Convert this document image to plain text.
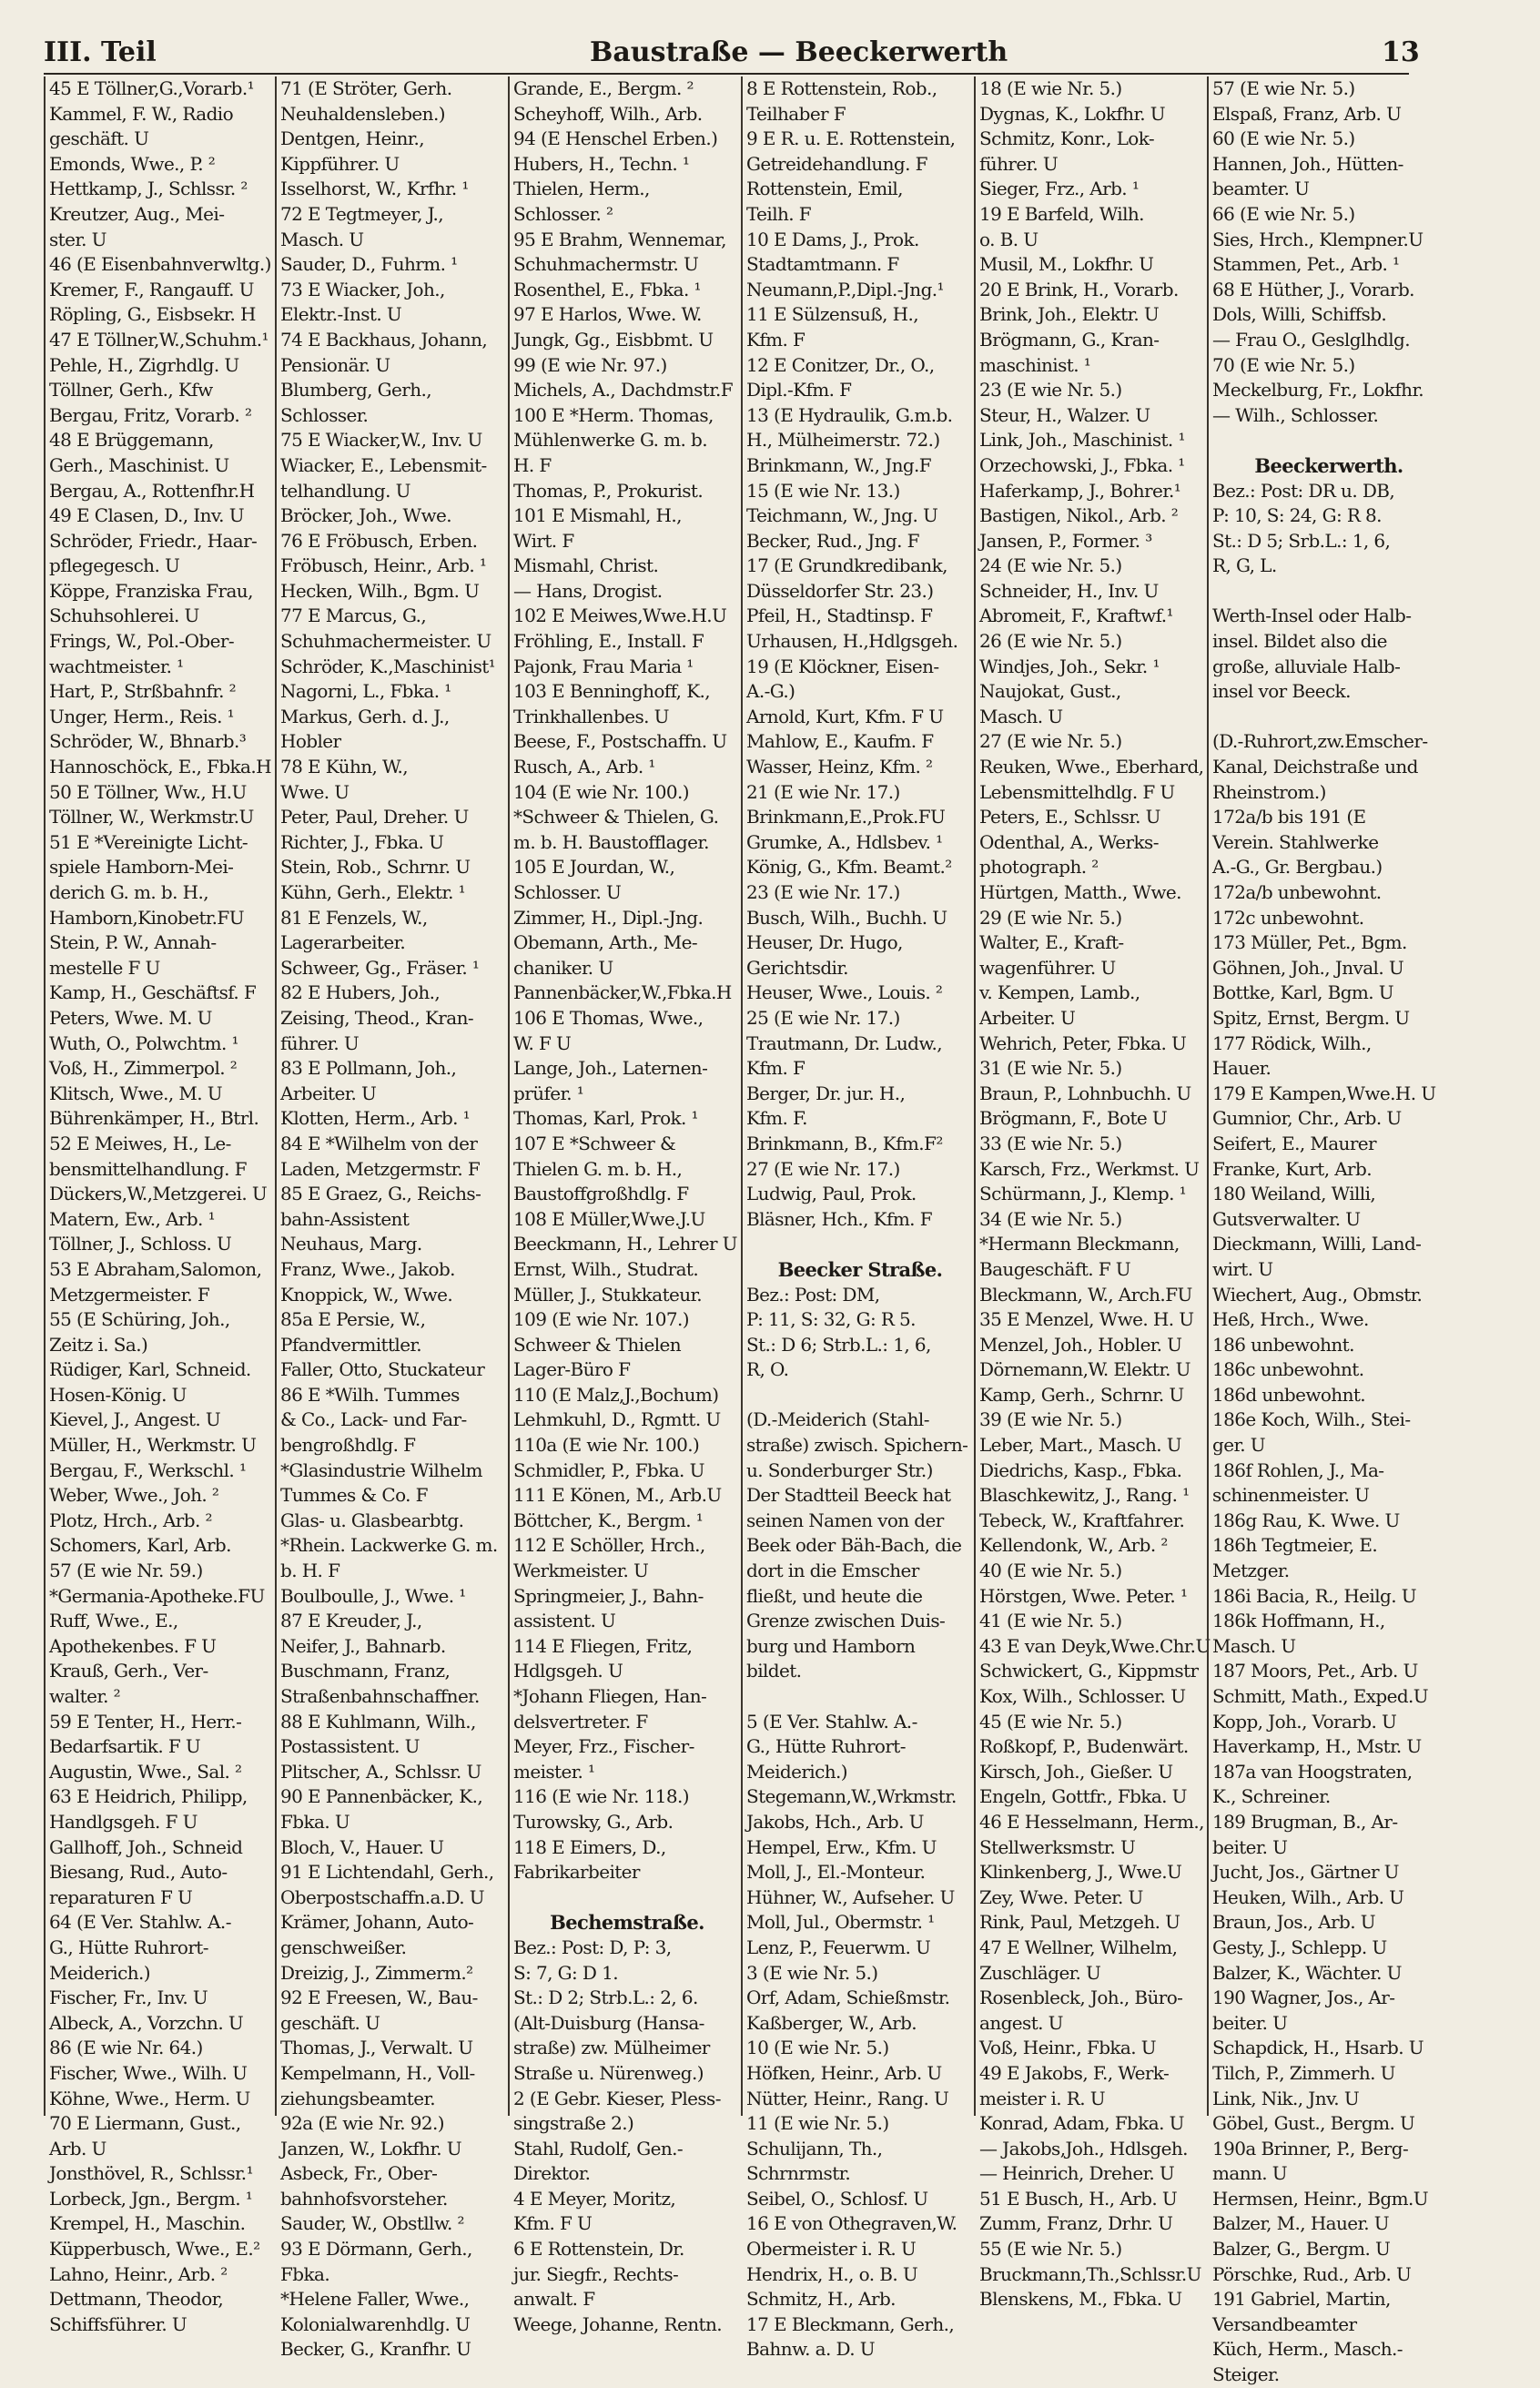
III. Teil	Baustraße — Beeckerwerth	13
45 E Töllner,G.,Vorarb.¹
Kammel, F. W., Radio
geschäft. U
Emonds, Wwe., P. ²
Hettkamp, J., Schlssr. ²
Kreutzer, Aug., Mei-
ster. U
46 (E Eisenbahnverwltg.)
Kremer, F., Rangauff. U
Röpling, G., Eisbsekr. H
47 E Töllner,W.,Schuhm.¹
Pehle, H., Zigrhdlg. U
Töllner, Gerh., Kfw
Bergau, Fritz, Vorarb. ²
48 E Brüggemann,
Gerh., Maschinist. U
Bergau, A., Rottenfhr.H
49 E Clasen, D., Inv. U
Schröder, Friedr., Haar-
pflegegesch. U
Köppe, Franziska Frau,
Schuhsohlerei. U
Frings, W., Pol.-Ober-
wachtmeister. ¹
Hart, P., Strßbahnfr. ²
Unger, Herm., Reis. ¹
Schröder, W., Bhnarb.³
Hannoschöck, E., Fbka.H
50 E Töllner, Ww., H.U
Töllner, W., Werkmstr.U
51 E *Vereinigte Licht-
spiele Hamborn-Mei-
derich G. m. b. H.,
Hamborn,Kinobetr.FU
Stein, P. W., Annah-
mestelle F U
Kamp, H., Geschäftsf. F
Peters, Wwe. M. U
Wuth, O., Polwchtm. ¹
Voß, H., Zimmerpol. ²
Klitsch, Wwe., M. U
Bührenkämper, H., Btrl.
52 E Meiwes, H., Le-
bensmittelhandlung. F
Dückers,W.,Metzgerei. U
Matern, Ew., Arb. ¹
Töllner, J., Schloss. U
53 E Abraham,Salomon,
Metzgermeister. F
55 (E Schüring, Joh.,
Zeitz i. Sa.)
Rüdiger, Karl, Schneid.
Hosen-König. U
Kievel, J., Angest. U
Müller, H., Werkmstr. U
Bergau, F., Werkschl. ¹
Weber, Wwe., Joh. ²
Plotz, Hrch., Arb. ²
Schomers, Karl, Arb.
57 (E wie Nr. 59.)
*Germania-Apotheke.FU
Ruff, Wwe., E.,
Apothekenbes. F U
Krauß, Gerh., Ver-
walter. ²
59 E Tenter, H., Herr.-
Bedarfsartik. F U
Augustin, Wwe., Sal. ²
63 E Heidrich, Philipp,
Handlgsgeh. F U
Gallhoff, Joh., Schneid
Biesang, Rud., Auto-
reparaturen F U
64 (E Ver. Stahlw. A.-
G., Hütte Ruhrort-
Meiderich.)
Fischer, Fr., Inv. U
Albeck, A., Vorzchn. U
86 (E wie Nr. 64.)
Fischer, Wwe., Wilh. U
Köhne, Wwe., Herm. U
70 E Liermann, Gust.,
Arb. U
Jonsthövel, R., Schlssr.¹
Lorbeck, Jgn., Bergm. ¹
Krempel, H., Maschin.
Küpperbusch, Wwe., E.²
Lahno, Heinr., Arb. ²
Dettmann, Theodor,
Schiffsführer. U
71 (E Ströter, Gerh.
Neuhaldensleben.)
Dentgen, Heinr.,
Kippführer. U
Isselhorst, W., Krfhr. ¹
72 E Tegtmeyer, J.,
Masch. U
Sauder, D., Fuhrm. ¹
73 E Wiacker, Joh.,
Elektr.-Inst. U
74 E Backhaus, Johann,
Pensionär. U
Blumberg, Gerh.,
Schlosser.
75 E Wiacker,W., Inv. U
Wiacker, E., Lebensmit-
telhandlung. U
Bröcker, Joh., Wwe.
76 E Fröbusch, Erben.
Fröbusch, Heinr., Arb. ¹
Hecken, Wilh., Bgm. U
77 E Marcus, G.,
Schuhmachermeister. U
Schröder, K.,Maschinist¹
Nagorni, L., Fbka. ¹
Markus, Gerh. d. J.,
Hobler
78 E Kühn, W.,
Wwe. U
Peter, Paul, Dreher. U
Richter, J., Fbka. U
Stein, Rob., Schrnr. U
Kühn, Gerh., Elektr. ¹
81 E Fenzels, W.,
Lagerarbeiter.
Schweer, Gg., Fräser. ¹
82 E Hubers, Joh.,
Zeising, Theod., Kran-
führer. U
83 E Pollmann, Joh.,
Arbeiter. U
Klotten, Herm., Arb. ¹
84 E *Wilhelm von der
Laden, Metzgermstr. F
85 E Graez, G., Reichs-
bahn-Assistent
Neuhaus, Marg.
Franz, Wwe., Jakob.
Knoppick, W., Wwe.
85a E Persie, W.,
Pfandvermittler.
Faller, Otto, Stuckateur
86 E *Wilh. Tummes
& Co., Lack- und Far-
bengroßhdlg. F
*Glasindustrie Wilhelm
Tummes & Co. F
Glas- u. Glasbearbtg.
*Rhein. Lackwerke G. m.
b. H. F
Boulboulle, J., Wwe. ¹
87 E Kreuder, J.,
Neifer, J., Bahnarb.
Buschmann, Franz,
Straßenbahnschaffner.
88 E Kuhlmann, Wilh.,
Postassistent. U
Plitscher, A., Schlssr. U
90 E Pannenbäcker, K.,
Fbka. U
Bloch, V., Hauer. U
91 E Lichtendahl, Gerh.,
Oberpostschaffn.a.D. U
Krämer, Johann, Auto-
genschweißer.
Dreizig, J., Zimmerm.²
92 E Freesen, W., Bau-
geschäft. U
Thomas, J., Verwalt. U
Kempelmann, H., Voll-
ziehungsbeamter.
92a (E wie Nr. 92.)
Janzen, W., Lokfhr. U
Asbeck, Fr., Ober-
bahnhofsvorsteher.
Sauder, W., Obstllw. ²
93 E Dörmann, Gerh.,
Fbka.
*Helene Faller, Wwe.,
Kolonialwarenhdlg. U
Becker, G., Kranfhr. U
Grande, E., Bergm. ²
Scheyhoff, Wilh., Arb.
94 (E Henschel Erben.)
Hubers, H., Techn. ¹
Thielen, Herm.,
Schlosser. ²
95 E Brahm, Wennemar,
Schuhmachermstr. U
Rosenthel, E., Fbka. ¹
97 E Harlos, Wwe. W.
Jungk, Gg., Eisbbmt. U
99 (E wie Nr. 97.)
Michels, A., Dachdmstr.F
100 E *Herm. Thomas,
Mühlenwerke G. m. b.
H. F
Thomas, P., Prokurist.
101 E Mismahl, H.,
Wirt. F
Mismahl, Christ.
— Hans, Drogist.
102 E Meiwes,Wwe.H.U
Fröhling, E., Install. F
Pajonk, Frau Maria ¹
103 E Benninghoff, K.,
Trinkhallenbes. U
Beese, F., Postschaffn. U
Rusch, A., Arb. ¹
104 (E wie Nr. 100.)
*Schweer & Thielen, G.
m. b. H. Baustofflager.
105 E Jourdan, W.,
Schlosser. U
Zimmer, H., Dipl.-Jng.
Obemann, Arth., Me-
chaniker. U
Pannenbäcker,W.,Fbka.H
106 E Thomas, Wwe.,
W. F U
Lange, Joh., Laternen-
prüfer. ¹
Thomas, Karl, Prok. ¹
107 E *Schweer &
Thielen G. m. b. H.,
Baustoffgroßhdlg. F
108 E Müller,Wwe.J.U
Beeckmann, H., Lehrer U
Ernst, Wilh., Studrat.
Müller, J., Stukkateur.
109 (E wie Nr. 107.)
Schweer & Thielen
Lager-Büro F
110 (E Malz,J.,Bochum)
Lehmkuhl, D., Rgmtt. U
110a (E wie Nr. 100.)
Schmidler, P., Fbka. U
111 E Könen, M., Arb.U
Böttcher, K., Bergm. ¹
112 E Schöller, Hrch.,
Werkmeister. U
Springmeier, J., Bahn-
assistent. U
114 E Fliegen, Fritz,
Hdlgsgeh. U
*Johann Fliegen, Han-
delsvertreter. F
Meyer, Frz., Fischer-
meister. ¹
116 (E wie Nr. 118.)
Turowsky, G., Arb.
118 E Eimers, D.,
Fabrikarbeiter
Bechemstraße.
Bez.: Post: D, P: 3,
S: 7, G: D 1.
St.: D 2; Strb.L.: 2, 6.
(Alt-Duisburg (Hansa-
straße) zw. Mülheimer
Straße u. Nürenweg.)
2 (E Gebr. Kieser, Pless-
singstraße 2.)
Stahl, Rudolf, Gen.-
Direktor.
4 E Meyer, Moritz,
Kfm. F U
6 E Rottenstein, Dr.
jur. Siegfr., Rechts-
anwalt. F
Weege, Johanne, Rentn.
8 E Rottenstein, Rob.,
Teilhaber F
9 E R. u. E. Rottenstein,
Getreidehandlung. F
Rottenstein, Emil,
Teilh. F
10 E Dams, J., Prok.
Stadtamtmann. F
Neumann,P.,Dipl.-Jng.¹
11 E Sülzensuß, H.,
Kfm. F
12 E Conitzer, Dr., O.,
Dipl.-Kfm. F
13 (E Hydraulik, G.m.b.
H., Mülheimerstr. 72.)
Brinkmann, W., Jng.F
15 (E wie Nr. 13.)
Teichmann, W., Jng. U
Becker, Rud., Jng. F
17 (E Grundkredibank,
Düsseldorfer Str. 23.)
Pfeil, H., Stadtinsp. F
Urhausen, H.,Hdlgsgeh.
19 (E Klöckner, Eisen-
A.-G.)
Arnold, Kurt, Kfm. F U
Mahlow, E., Kaufm. F
Wasser, Heinz, Kfm. ²
21 (E wie Nr. 17.)
Brinkmann,E.,Prok.FU
Grumke, A., Hdlsbev. ¹
König, G., Kfm. Beamt.²
23 (E wie Nr. 17.)
Busch, Wilh., Buchh. U
Heuser, Dr. Hugo,
Gerichtsdir.
Heuser, Wwe., Louis. ²
25 (E wie Nr. 17.)
Trautmann, Dr. Ludw.,
Kfm. F
Berger, Dr. jur. H.,
Kfm. F.
Brinkmann, B., Kfm.F²
27 (E wie Nr. 17.)
Ludwig, Paul, Prok.
Bläsner, Hch., Kfm. F
Beecker Straße.
Bez.: Post: DM,
P: 11, S: 32, G: R 5.
St.: D 6; Strb.L.: 1, 6,
R, O.
(D.-Meiderich (Stahl-
straße) zwisch. Spichern-
u. Sonderburger Str.)
Der Stadtteil Beeck hat
seinen Namen von der
Beek oder Bäh-Bach, die
dort in die Emscher
fließt, und heute die
Grenze zwischen Duis-
burg und Hamborn
bildet.
5 (E Ver. Stahlw. A.-
G., Hütte Ruhrort-
Meiderich.)
Stegemann,W.,Wrkmstr.
Jakobs, Hch., Arb. U
Hempel, Erw., Kfm. U
Moll, J., El.-Monteur.
Hühner, W., Aufseher. U
Moll, Jul., Obermstr. ¹
Lenz, P., Feuerwm. U
3 (E wie Nr. 5.)
Orf, Adam, Schießmstr.
Kaßberger, W., Arb.
10 (E wie Nr. 5.)
Höfken, Heinr., Arb. U
Nütter, Heinr., Rang. U
11 (E wie Nr. 5.)
Schulijann, Th.,
Schrnrmstr.
Seibel, O., Schlosf. U
16 E von Othegraven,W.
Obermeister i. R. U
Hendrix, H., o. B. U
Schmitz, H., Arb.
17 E Bleckmann, Gerh.,
Bahnw. a. D. U
18 (E wie Nr. 5.)
Dygnas, K., Lokfhr. U
Schmitz, Konr., Lok-
führer. U
Sieger, Frz., Arb. ¹
19 E Barfeld, Wilh.
o. B. U
Musil, M., Lokfhr. U
20 E Brink, H., Vorarb.
Brink, Joh., Elektr. U
Brögmann, G., Kran-
maschinist. ¹
23 (E wie Nr. 5.)
Steur, H., Walzer. U
Link, Joh., Maschinist. ¹
Orzechowski, J., Fbka. ¹
Haferkamp, J., Bohrer.¹
Bastigen, Nikol., Arb. ²
Jansen, P., Former. ³
24 (E wie Nr. 5.)
Schneider, H., Inv. U
Abromeit, F., Kraftwf.¹
26 (E wie Nr. 5.)
Windjes, Joh., Sekr. ¹
Naujokat, Gust.,
Masch. U
27 (E wie Nr. 5.)
Reuken, Wwe., Eberhard,
Lebensmittelhdlg. F U
Peters, E., Schlssr. U
Odenthal, A., Werks-
photograph. ²
Hürtgen, Matth., Wwe.
29 (E wie Nr. 5.)
Walter, E., Kraft-
wagenführer. U
v. Kempen, Lamb.,
Arbeiter. U
Wehrich, Peter, Fbka. U
31 (E wie Nr. 5.)
Braun, P., Lohnbuchh. U
Brögmann, F., Bote U
33 (E wie Nr. 5.)
Karsch, Frz., Werkmst. U
Schürmann, J., Klemp. ¹
34 (E wie Nr. 5.)
*Hermann Bleckmann,
Baugeschäft. F U
Bleckmann, W., Arch.FU
35 E Menzel, Wwe. H. U
Menzel, Joh., Hobler. U
Dörnemann,W. Elektr. U
Kamp, Gerh., Schrnr. U
39 (E wie Nr. 5.)
Leber, Mart., Masch. U
Diedrichs, Kasp., Fbka.
Blaschkewitz, J., Rang. ¹
Tebeck, W., Kraftfahrer.
Kellendonk, W., Arb. ²
40 (E wie Nr. 5.)
Hörstgen, Wwe. Peter. ¹
41 (E wie Nr. 5.)
43 E van Deyk,Wwe.Chr.U
Schwickert, G., Kippmstr
Kox, Wilh., Schlosser. U
45 (E wie Nr. 5.)
Roßkopf, P., Budenwärt.
Kirsch, Joh., Gießer. U
Engeln, Gottfr., Fbka. U
46 E Hesselmann, Herm.,
Stellwerksmstr. U
Klinkenberg, J., Wwe.U
Zey, Wwe. Peter. U
Rink, Paul, Metzgeh. U
47 E Wellner, Wilhelm,
Zuschläger. U
Rosenbleck, Joh., Büro-
angest. U
Voß, Heinr., Fbka. U
49 E Jakobs, F., Werk-
meister i. R. U
Konrad, Adam, Fbka. U
— Jakobs,Joh., Hdlsgeh.
— Heinrich, Dreher. U
51 E Busch, H., Arb. U
Zumm, Franz, Drhr. U
55 (E wie Nr. 5.)
Bruckmann,Th.,Schlssr.U
Blenskens, M., Fbka. U
57 (E wie Nr. 5.)
Elspaß, Franz, Arb. U
60 (E wie Nr. 5.)
Hannen, Joh., Hütten-
beamter. U
66 (E wie Nr. 5.)
Sies, Hrch., Klempner.U
Stammen, Pet., Arb. ¹
68 E Hüther, J., Vorarb.
Dols, Willi, Schiffsb.
— Frau O., Geslglhdlg.
70 (E wie Nr. 5.)
Meckelburg, Fr., Lokfhr.
— Wilh., Schlosser.
Beeckerwerth.
Bez.: Post: DR u. DB,
P: 10, S: 24, G: R 8.
St.: D 5; Srb.L.: 1, 6,
R, G, L.
Werth-Insel oder Halb-
insel. Bildet also die
große, alluviale Halb-
insel vor Beeck.
(D.-Ruhrort,zw.Emscher-
Kanal, Deichstraße und
Rheinstrom.)
172a/b bis 191 (E
Verein. Stahlwerke
A.-G., Gr. Bergbau.)
172a/b unbewohnt.
172c unbewohnt.
173 Müller, Pet., Bgm.
Göhnen, Joh., Jnval. U
Bottke, Karl, Bgm. U
Spitz, Ernst, Bergm. U
177 Rödick, Wilh.,
Hauer.
179 E Kampen,Wwe.H. U
Gumnior, Chr., Arb. U
Seifert, E., Maurer
Franke, Kurt, Arb.
180 Weiland, Willi,
Gutsverwalter. U
Dieckmann, Willi, Land-
wirt. U
Wiechert, Aug., Obmstr.
Heß, Hrch., Wwe.
186 unbewohnt.
186c unbewohnt.
186d unbewohnt.
186e Koch, Wilh., Stei-
ger. U
186f Rohlen, J., Ma-
schinenmeister. U
186g Rau, K. Wwe. U
186h Tegtmeier, E.
Metzger.
186i Bacia, R., Heilg. U
186k Hoffmann, H.,
Masch. U
187 Moors, Pet., Arb. U
Schmitt, Math., Exped.U
Kopp, Joh., Vorarb. U
Haverkamp, H., Mstr. U
187a van Hoogstraten,
K., Schreiner.
189 Brugman, B., Ar-
beiter. U
Jucht, Jos., Gärtner U
Heuken, Wilh., Arb. U
Braun, Jos., Arb. U
Gesty, J., Schlepp. U
Balzer, K., Wächter. U
190 Wagner, Jos., Ar-
beiter. U
Schapdick, H., Hsarb. U
Tilch, P., Zimmerh. U
Link, Nik., Jnv. U
Göbel, Gust., Bergm. U
190a Brinner, P., Berg-
mann. U
Hermsen, Heinr., Bgm.U
Balzer, M., Hauer. U
Balzer, G., Bergm. U
Pörschke, Rud., Arb. U
191 Gabriel, Martin,
Versandbeamter
Küch, Herm., Masch.-
Steiger.
